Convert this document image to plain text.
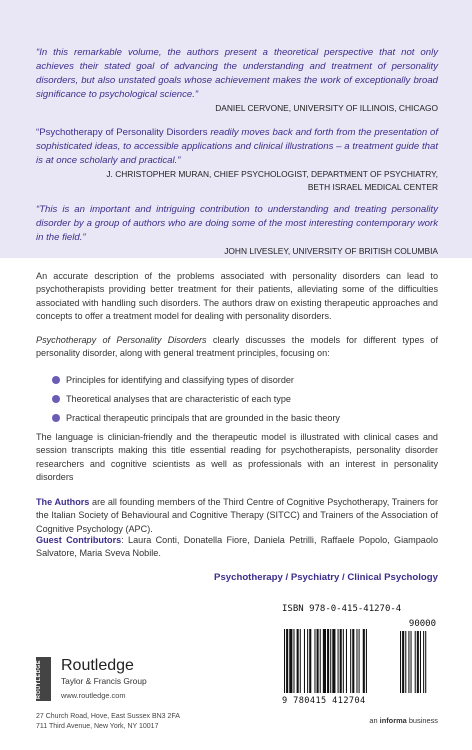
“In this remarkable volume, the authors present a theoretical perspective that not only achieves their stated goal of advancing the understanding and treatment of personality disorders, but also unstated goals whose achievement makes the work of exceptionally broad significance to psychological science.”

DANIEL CERVONE, UNIVERSITY OF ILLINOIS, CHICAGO

“Psychotherapy of Personality Disorders readily moves back and forth from the presentation of sophisticated ideas, to accessible applications and clinical illustrations – a treatment guide that is at once scholarly and practical.”

J. CHRISTOPHER MURAN, CHIEF PSYCHOLOGIST, DEPARTMENT OF PSYCHIATRY,

BETH ISRAEL MEDICAL CENTER

“This is an important and intriguing contribution to understanding and treating personality disorder by a group of authors who are doing some of the most interesting contemporary work in the field.”

JOHN LIVESLEY, UNIVERSITY OF BRITISH COLUMBIA

An accurate description of the problems associated with personality disorders can lead to psychotherapists providing better treatment for their patients, alleviating some of the difficulties associated with handling such disorders. The authors draw on existing therapeutic approaches and concepts to offer a treatment model for dealing with personality disorders.

Psychotherapy of Personality Disorders clearly discusses the models for different types of personality disorder, along with general treatment principles, focusing on:

Principles for identifying and classifying types of disorder
Theoretical analyses that are characteristic of each type
Practical therapeutic principals that are grounded in the basic theory

The language is clinician-friendly and the therapeutic model is illustrated with clinical cases and session transcripts making this title essential reading for psychotherapists, personality disorder researchers and cognitive scientists as well as professionals with an interest in personality disorders

The Authors are all founding members of the Third Centre of Cognitive Psychotherapy, Trainers for the Italian Society of Behavioural and Cognitive Therapy (SITCC) and Trainers of the Association of Cognitive Psychology (APC).

Guest Contributors: Laura Conti, Donatella Fiore, Daniela Petrilli, Raffaele Popolo, Giampaolo Salvatore, Maria Sveva Nobile.

Psychotherapy / Psychiatry / Clinical Psychology
ROUTLEDGE	Routledge
Taylor & Francis Group
www.routledge.com
27 Church Road, Hove, East Sussex BN3 2FA
711 Third Avenue, New York, NY 10017
ISBN 978-0-415-41270-4
90000
9 780415 412704
an informa business
